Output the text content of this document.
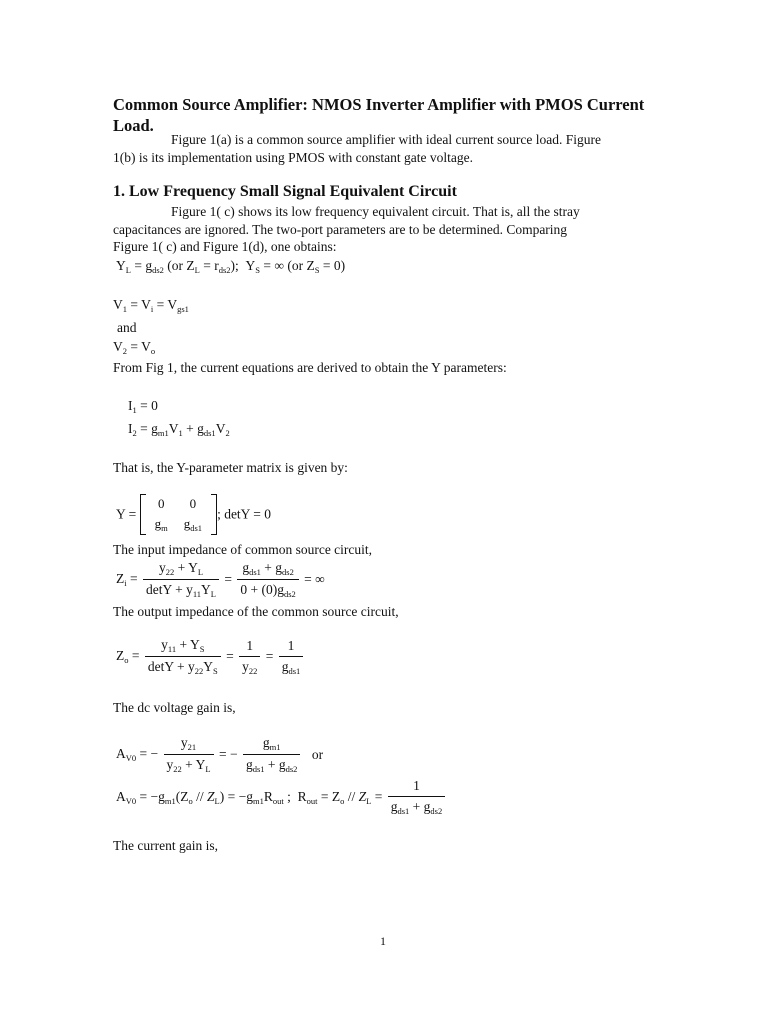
Common Source Amplifier: NMOS Inverter Amplifier with PMOS Current Load.
Figure 1(a) is a common source amplifier with ideal current source load. Figure
1(b) is its implementation using PMOS with constant gate voltage.
1. Low Frequency Small Signal Equivalent Circuit
Figure 1( c) shows its low frequency equivalent circuit. That is, all the stray
capacitances are ignored. The two-port parameters are to be determined. Comparing
Figure 1( c) and Figure 1(d), one obtains:
$Y_L = g_{ds2}$ (or $Z_L = r_{ds2}$);  $Y_S$ = ∞ (or $Z_S = 0$)
$V_1 = V_i = V_{gs1}$
and
$V_2 = V_o$
From Fig 1, the current equations are derived to obtain the Y parameters:
$I_1 = 0$
$I_2 = g_{m1}V_1 + g_{ds1}V_2$
That is, the Y-parameter matrix is given by:
Y =
0	0
$g_m$	$g_{ds1}$
; detY = 0
The input impedance of common source circuit,
$Z_i = \frac{y_{22} + Y_L}{\det Y + y_{11}Y_L} = \frac{g_{ds1} + g_{ds2}}{0 + (0)g_{ds2}}$ = ∞
The output impedance of the common source circuit,
$Z_o = \frac{y_{11} + Y_S}{\det Y + y_{22}Y_S} = \frac{1}{y_{22}} = \frac{1}{g_{ds1}}$
The dc voltage gain is,
$A_{V0}$ = − $\frac{y_{21}}{y_{22} + Y_L}$ = − $\frac{g_{m1}}{g_{ds1} + g_{ds2}}$ or
$A_{V0} = -g_{m1}(Z_o // Z_L) = -g_{m1}R_{out}$ ;  $R_{out} = Z_o // Z_L = \frac{1}{g_{ds1} + g_{ds2}}$
The current gain is,
1
